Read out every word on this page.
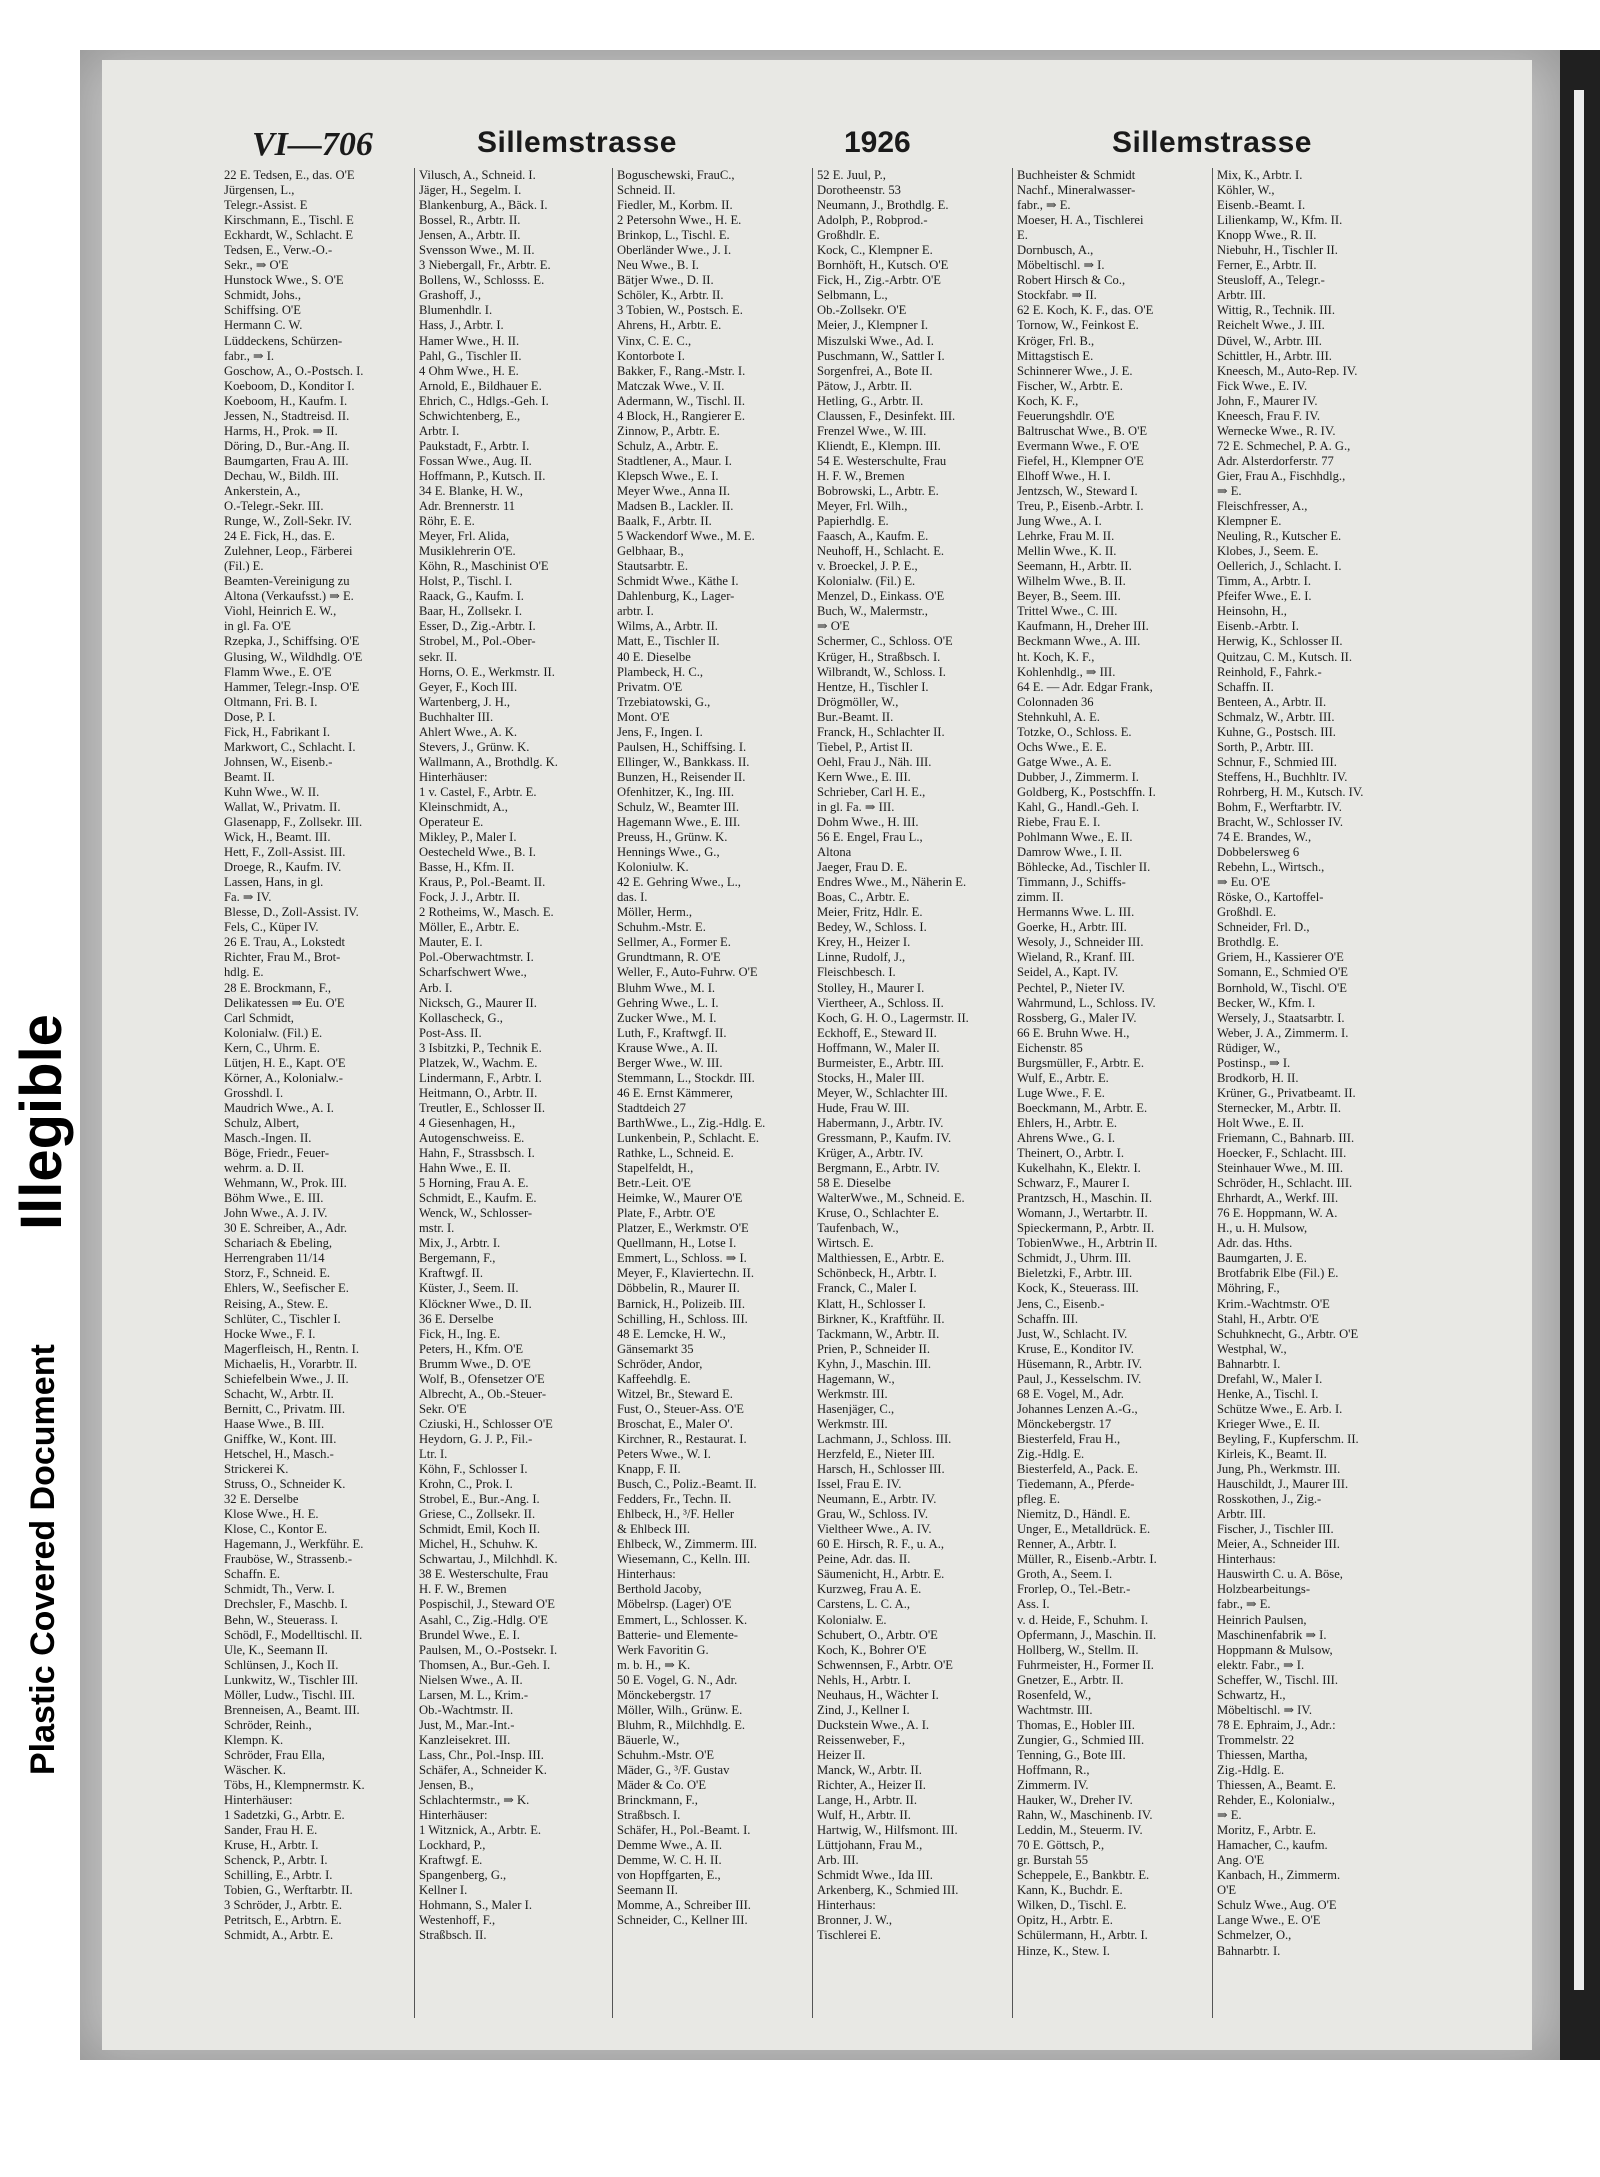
Illegible
Plastic Covered Document
VI—706	Sillemstrasse	1926	Sillemstrasse
22 E. Tedsen, E., das. O'E
Jürgensen, L.,
Telegr.-Assist. E
Kirschmann, E., Tischl. E
Eckhardt, W., Schlacht. E
Tedsen, E., Verw.-O.-
Sekr., ⇒ O'E
Hunstock Wwe., S. O'E
Schmidt, Johs.,
Schiffsing. O'E
Hermann C. W.
Lüddeckens, Schürzen-
fabr., ⇒ I.
Goschow, A., O.-Postsch. I.
Koeboom, D., Konditor I.
Koeboom, H., Kaufm. I.
Jessen, N., Stadtreisd. II.
Harms, H., Prok. ⇒ II.
Döring, D., Bur.-Ang. II.
Baumgarten, Frau A. III.
Dechau, W., Bildh. III.
Ankerstein, A.,
O.-Telegr.-Sekr. III.
Runge, W., Zoll-Sekr. IV.
24 E. Fick, H., das. E.
Zulehner, Leop., Färberei
(Fil.) E.
Beamten-Vereinigung zu
Altona (Verkaufsst.) ⇒ E.
Viohl, Heinrich E. W.,
in gl. Fa. O'E
Rzepka, J., Schiffsing. O'E
Glusing, W., Wildhdlg. O'E
Flamm Wwe., E. O'E
Hammer, Telegr.-Insp. O'E
Oltmann, Fri. B. I.
Dose, P. I.
Fick, H., Fabrikant I.
Markwort, C., Schlacht. I.
Johnsen, W., Eisenb.-
Beamt. II.
Kuhn Wwe., W. II.
Wallat, W., Privatm. II.
Glasenapp, F., Zollsekr. III.
Wick, H., Beamt. III.
Hett, F., Zoll-Assist. III.
Droege, R., Kaufm. IV.
Lassen, Hans, in gl.
Fa. ⇒ IV.
Blesse, D., Zoll-Assist. IV.
Fels, C., Küper IV.
26 E. Trau, A., Lokstedt
Richter, Frau M., Brot-
hdlg. E.
28 E. Brockmann, F.,
Delikatessen ⇒ Eu. O'E
Carl Schmidt,
Kolonialw. (Fil.) E.
Kern, C., Uhrm. E.
Lütjen, H. E., Kapt. O'E
Körner, A., Kolonialw.-
Grosshdl. I.
Maudrich Wwe., A. I.
Schulz, Albert,
Masch.-Ingen. II.
Böge, Friedr., Feuer-
wehrm. a. D. II.
Wehmann, W., Prok. III.
Böhm Wwe., E. III.
John Wwe., A. J. IV.
30 E. Schreiber, A., Adr.
Schariach & Ebeling,
Herrengraben 11/14
Storz, F., Schneid. E.
Ehlers, W., Seefischer E.
Reising, A., Stew. E.
Schlüter, C., Tischler I.
Hocke Wwe., F. I.
Magerfleisch, H., Rentn. I.
Michaelis, H., Vorarbtr. II.
Schiefelbein Wwe., J. II.
Schacht, W., Arbtr. II.
Bernitt, C., Privatm. III.
Haase Wwe., B. III.
Gniffke, W., Kont. III.
Hetschel, H., Masch.-
Strickerei K.
Struss, O., Schneider K.
32 E. Derselbe
Klose Wwe., H. E.
Klose, C., Kontor E.
Hagemann, J., Werkführ. E.
Frauböse, W., Strassenb.-
Schaffn. E.
Schmidt, Th., Verw. I.
Drechsler, F., Maschb. I.
Behn, W., Steuerass. I.
Schödl, F., Modelltischl. II.
Ule, K., Seemann II.
Schlünsen, J., Koch II.
Lunkwitz, W., Tischler III.
Möller, Ludw., Tischl. III.
Brenneisen, A., Beamt. III.
Schröder, Reinh.,
Klempn. K.
Schröder, Frau Ella,
Wäscher. K.
Töbs, H., Klempnermstr. K.
Hinterhäuser:
1 Sadetzki, G., Arbtr. E.
Sander, Frau H. E.
Kruse, H., Arbtr. I.
Schenck, P., Arbtr. I.
Schilling, E., Arbtr. I.
Tobien, G., Werftarbtr. II.
3 Schröder, J., Arbtr. E.
Petritsch, E., Arbtrn. E.
Schmidt, A., Arbtr. E.
Vilusch, A., Schneid. I.
Jäger, H., Segelm. I.
Blankenburg, A., Bäck. I.
Bossel, R., Arbtr. II.
Jensen, A., Arbtr. II.
Svensson Wwe., M. II.
3 Niebergall, Fr., Arbtr. E.
Bollens, W., Schlosss. E.
Grashoff, J.,
Blumenhdlr. I.
Hass, J., Arbtr. I.
Hamer Wwe., H. II.
Pahl, G., Tischler II.
4 Ohm Wwe., H. E.
Arnold, E., Bildhauer E.
Ehrich, C., Hdlgs.-Geh. I.
Schwichtenberg, E.,
Arbtr. I.
Paukstadt, F., Arbtr. I.
Fossan Wwe., Aug. II.
Hoffmann, P., Kutsch. II.
34 E. Blanke, H. W.,
Adr. Brennerstr. 11
Röhr, E. E.
Meyer, Frl. Alida,
Musiklehrerin O'E.
Köhn, R., Maschinist O'E
Holst, P., Tischl. I.
Raack, G., Kaufm. I.
Baar, H., Zollsekr. I.
Esser, D., Zig.-Arbtr. I.
Strobel, M., Pol.-Ober-
sekr. II.
Horns, O. E., Werkmstr. II.
Geyer, F., Koch III.
Wartenberg, J. H.,
Buchhalter III.
Ahlert Wwe., A. K.
Stevers, J., Grünw. K.
Wallmann, A., Brothdlg. K.
Hinterhäuser:
1 v. Castel, F., Arbtr. E.
Kleinschmidt, A.,
Operateur E.
Mikley, P., Maler I.
Oestecheld Wwe., B. I.
Basse, H., Kfm. II.
Kraus, P., Pol.-Beamt. II.
Fock, J. J., Arbtr. II.
2 Rotheims, W., Masch. E.
Möller, E., Arbtr. E.
Mauter, E. I.
Pol.-Oberwachtmstr. I.
Scharfschwert Wwe.,
Arb. I.
Nicksch, G., Maurer II.
Kollascheck, G.,
Post-Ass. II.
3 Isbitzki, P., Technik E.
Platzek, W., Wachm. E.
Lindermann, F., Arbtr. I.
Heitmann, O., Arbtr. II.
Treutler, E., Schlosser II.
4 Giesenhagen, H.,
Autogenschweiss. E.
Hahn, F., Strassbsch. I.
Hahn Wwe., E. II.
5 Horning, Frau A. E.
Schmidt, E., Kaufm. E.
Wenck, W., Schlosser-
mstr. I.
Mix, J., Arbtr. I.
Bergemann, F.,
Kraftwgf. II.
Küster, J., Seem. II.
Klöckner Wwe., D. II.
36 E. Derselbe
Fick, H., Ing. E.
Peters, H., Kfm. O'E
Brumm Wwe., D. O'E
Wolf, B., Ofensetzer O'E
Albrecht, A., Ob.-Steuer-
Sekr. O'E
Cziuski, H., Schlosser O'E
Heydorn, G. J. P., Fil.-
Ltr. I.
Köhn, F., Schlosser I.
Krohn, C., Prok. I.
Strobel, E., Bur.-Ang. I.
Griese, C., Zollsekr. II.
Schmidt, Emil, Koch II.
Michel, H., Schuhw. K.
Schwartau, J., Milchhdl. K.
38 E. Westerschulte, Frau
H. F. W., Bremen
Pospischil, J., Steward O'E
Asahl, C., Zig.-Hdlg. O'E
Brundel Wwe., E. I.
Paulsen, M., O.-Postsekr. I.
Thomsen, A., Bur.-Geh. I.
Nielsen Wwe., A. II.
Larsen, M. L., Krim.-
Ob.-Wachtmstr. II.
Just, M., Mar.-Int.-
Kanzleisekret. III.
Lass, Chr., Pol.-Insp. III.
Schäfer, A., Schneider K.
Jensen, B.,
Schlachtermstr., ⇒ K.
Hinterhäuser:
1 Witznick, A., Arbtr. E.
Lockhard, P.,
Kraftwgf. E.
Spangenberg, G.,
Kellner I.
Hohmann, S., Maler I.
Westenhoff, F.,
Straßbsch. II.
Boguschewski, FrauC.,
Schneid. II.
Fiedler, M., Korbm. II.
2 Petersohn Wwe., H. E.
Brinkop, L., Tischl. E.
Oberländer Wwe., J. I.
Neu Wwe., B. I.
Bätjer Wwe., D. II.
Schöler, K., Arbtr. II.
3 Tobien, W., Postsch. E.
Ahrens, H., Arbtr. E.
Vinx, C. E. C.,
Kontorbote I.
Bakker, F., Rang.-Mstr. I.
Matczak Wwe., V. II.
Adermann, W., Tischl. II.
4 Block, H., Rangierer E.
Zinnow, P., Arbtr. E.
Schulz, A., Arbtr. E.
Stadtlener, A., Maur. I.
Klepsch Wwe., E. I.
Meyer Wwe., Anna II.
Madsen B., Lackler. II.
Baalk, F., Arbtr. II.
5 Wackendorf Wwe., M. E.
Gelbhaar, B.,
Stautsarbtr. E.
Schmidt Wwe., Käthe I.
Dahlenburg, K., Lager-
arbtr. I.
Wilms, A., Arbtr. II.
Matt, E., Tischler II.
40 E. Dieselbe
Plambeck, H. C.,
Privatm. O'E
Trzebiatowski, G.,
Mont. O'E
Jens, F., Ingen. I.
Paulsen, H., Schiffsing. I.
Ellinger, W., Bankkass. II.
Bunzen, H., Reisender II.
Ofenhitzer, K., Ing. III.
Schulz, W., Beamter III.
Hagemann Wwe., E. III.
Preuss, H., Grünw. K.
Hennings Wwe., G.,
Koloniulw. K.
42 E. Gehring Wwe., L.,
das. I.
Möller, Herm.,
Schuhm.-Mstr. E.
Sellmer, A., Former E.
Grundtmann, R. O'E
Weller, F., Auto-Fuhrw. O'E
Bluhm Wwe., M. I.
Gehring Wwe., L. I.
Zucker Wwe., M. I.
Luth, F., Kraftwgf. II.
Krause Wwe., A. II.
Berger Wwe., W. III.
Stemmann, L., Stockdr. III.
46 E. Ernst Kämmerer,
Stadtdeich 27
BarthWwe., L., Zig.-Hdlg. E.
Lunkenbein, P., Schlacht. E.
Rathke, L., Schneid. E.
Stapelfeldt, H.,
Betr.-Leit. O'E
Heimke, W., Maurer O'E
Plate, F., Arbtr. O'E
Platzer, E., Werkmstr. O'E
Quellmann, H., Lotse I.
Emmert, L., Schloss. ⇒ I.
Meyer, F., Klaviertechn. II.
Döbbelin, R., Maurer II.
Barnick, H., Polizeib. III.
Schilling, H., Schloss. III.
48 E. Lemcke, H. W.,
Gänsemarkt 35
Schröder, Andor,
Kaffeehdlg. E.
Witzel, Br., Steward E.
Fust, O., Steuer-Ass. O'E
Broschat, E., Maler O'.
Kirchner, R., Restaurat. I.
Peters Wwe., W. I.
Knapp, F. II.
Busch, C., Poliz.-Beamt. II.
Fedders, Fr., Techn. II.
Ehlbeck, H., ³/F. Heller
& Ehlbeck III.
Ehlbeck, W., Zimmerm. III.
Wiesemann, C., Kelln. III.
Hinterhaus:
Berthold Jacoby,
Möbelrsp. (Lager) O'E
Emmert, L., Schlosser. K.
Batterie- und Elemente-
Werk Favoritin G.
m. b. H., ⇒ K.
50 E. Vogel, G. N., Adr.
Mönckebergstr. 17
Möller, Wilh., Grünw. E.
Bluhm, R., Milchhdlg. E.
Bäuerle, W.,
Schuhm.-Mstr. O'E
Mäder, G., ³/F. Gustav
Mäder & Co. O'E
Brinckmann, F.,
Straßbsch. I.
Schäfer, H., Pol.-Beamt. I.
Demme Wwe., A. II.
Demme, W. C. H. II.
von Hopffgarten, E.,
Seemann II.
Momme, A., Schreiber III.
Schneider, C., Kellner III.
52 E. Juul, P.,
Dorotheenstr. 53
Neumann, J., Brothdlg. E.
Adolph, P., Robprod.-
Großhdlr. E.
Kock, C., Klempner E.
Bornhöft, H., Kutsch. O'E
Fick, H., Zig.-Arbtr. O'E
Selbmann, L.,
Ob.-Zollsekr. O'E
Meier, J., Klempner I.
Miszulski Wwe., Ad. I.
Puschmann, W., Sattler I.
Sorgenfrei, A., Bote II.
Pätow, J., Arbtr. II.
Hetling, G., Arbtr. II.
Claussen, F., Desinfekt. III.
Frenzel Wwe., W. III.
Kliendt, E., Klempn. III.
54 E. Westerschulte, Frau
H. F. W., Bremen
Bobrowski, L., Arbtr. E.
Meyer, Frl. Wilh.,
Papierhdlg. E.
Faasch, A., Kaufm. E.
Neuhoff, H., Schlacht. E.
v. Broeckel, J. P. E.,
Kolonialw. (Fil.) E.
Menzel, D., Einkass. O'E
Buch, W., Malermstr.,
⇒ O'E
Schermer, C., Schloss. O'E
Krüger, H., Straßbsch. I.
Wilbrandt, W., Schloss. I.
Hentze, H., Tischler I.
Drögmöller, W.,
Bur.-Beamt. II.
Franck, H., Schlachter II.
Tiebel, P., Artist II.
Oehl, Frau J., Näh. III.
Kern Wwe., E. III.
Schrieber, Carl H. E.,
in gl. Fa. ⇒ III.
Dohm Wwe., H. III.
56 E. Engel, Frau L.,
Altona
Jaeger, Frau D. E.
Endres Wwe., M., Näherin E.
Boas, C., Arbtr. E.
Meier, Fritz, Hdlr. E.
Bedey, W., Schloss. I.
Krey, H., Heizer I.
Linne, Rudolf, J.,
Fleischbesch. I.
Stolley, H., Maurer I.
Viertheer, A., Schloss. II.
Koch, G. H. O., Lagermstr. II.
Eckhoff, E., Steward II.
Hoffmann, W., Maler II.
Burmeister, E., Arbtr. III.
Stocks, H., Maler III.
Meyer, W., Schlachter III.
Hude, Frau W. III.
Habermann, J., Arbtr. IV.
Gressmann, P., Kaufm. IV.
Krüger, A., Arbtr. IV.
Bergmann, E., Arbtr. IV.
58 E. Dieselbe
WalterWwe., M., Schneid. E.
Kruse, O., Schlachter E.
Taufenbach, W.,
Wirtsch. E.
Malthiessen, E., Arbtr. E.
Schönbeck, H., Arbtr. I.
Franck, C., Maler I.
Klatt, H., Schlosser I.
Birkner, K., Kraftführ. II.
Tackmann, W., Arbtr. II.
Prien, P., Schneider II.
Kyhn, J., Maschin. III.
Hagemann, W.,
Werkmstr. III.
Hasenjäger, C.,
Werkmstr. III.
Lachmann, J., Schloss. III.
Herzfeld, E., Nieter III.
Harsch, H., Schlosser III.
Issel, Frau E. IV.
Neumann, E., Arbtr. IV.
Grau, W., Schloss. IV.
Vieltheer Wwe., A. IV.
60 E. Hirsch, R. F., u. A.,
Peine, Adr. das. II.
Säumenicht, H., Arbtr. E.
Kurzweg, Frau A. E.
Carstens, L. C. A.,
Kolonialw. E.
Schubert, O., Arbtr. O'E
Koch, K., Bohrer O'E
Schwennsen, F., Arbtr. O'E
Nehls, H., Arbtr. I.
Neuhaus, H., Wächter I.
Zind, J., Kellner I.
Duckstein Wwe., A. I.
Reissenweber, F.,
Heizer II.
Manck, W., Arbtr. II.
Richter, A., Heizer II.
Lange, H., Arbtr. II.
Wulf, H., Arbtr. II.
Hartwig, W., Hilfsmont. III.
Lüttjohann, Frau M.,
Arb. III.
Schmidt Wwe., Ida III.
Arkenberg, K., Schmied III.
Hinterhaus:
Bronner, J. W.,
Tischlerei E.
Buchheister & Schmidt
Nachf., Mineralwasser-
fabr., ⇒ E.
Moeser, H. A., Tischlerei
E.
Dornbusch, A.,
Möbeltischl. ⇒ I.
Robert Hirsch & Co.,
Stockfabr. ⇒ II.
62 E. Koch, K. F., das. O'E
Tornow, W., Feinkost E.
Kröger, Frl. B.,
Mittagstisch E.
Schinnerer Wwe., J. E.
Fischer, W., Arbtr. E.
Koch, K. F.,
Feuerungshdlr. O'E
Baltruschat Wwe., B. O'E
Evermann Wwe., F. O'E
Fiefel, H., Klempner O'E
Elhoff Wwe., H. I.
Jentzsch, W., Steward I.
Treu, P., Eisenb.-Arbtr. I.
Jung Wwe., A. I.
Lehrke, Frau M. II.
Mellin Wwe., K. II.
Seemann, H., Arbtr. II.
Wilhelm Wwe., B. II.
Beyer, B., Seem. III.
Trittel Wwe., C. III.
Kaufmann, H., Dreher III.
Beckmann Wwe., A. III.
ht. Koch, K. F.,
Kohlenhdlg., ⇒ III.
64 E. — Adr. Edgar Frank,
Colonnaden 36
Stehnkuhl, A. E.
Totzke, O., Schloss. E.
Ochs Wwe., E. E.
Gatge Wwe., A. E.
Dubber, J., Zimmerm. I.
Goldberg, K., Postschffn. I.
Kahl, G., Handl.-Geh. I.
Riebe, Frau E. I.
Pohlmann Wwe., E. II.
Damrow Wwe., I. II.
Böhlecke, Ad., Tischler II.
Timmann, J., Schiffs-
zimm. II.
Hermanns Wwe. L. III.
Goerke, H., Arbtr. III.
Wesoly, J., Schneider III.
Wieland, R., Kranf. III.
Seidel, A., Kapt. IV.
Pechtel, P., Nieter IV.
Wahrmund, L., Schloss. IV.
Rossberg, G., Maler IV.
66 E. Bruhn Wwe. H.,
Eichenstr. 85
Burgsmüller, F., Arbtr. E.
Wulf, E., Arbtr. E.
Luge Wwe., F. E.
Boeckmann, M., Arbtr. E.
Ehlers, H., Arbtr. E.
Ahrens Wwe., G. I.
Theinert, O., Arbtr. I.
Kukelhahn, K., Elektr. I.
Schwarz, F., Maurer I.
Prantzsch, H., Maschin. II.
Womann, J., Wertarbtr. II.
Spieckermann, P., Arbtr. II.
TobienWwe., H., Arbtrin II.
Schmidt, J., Uhrm. III.
Bieletzki, F., Arbtr. III.
Kock, K., Steuerass. III.
Jens, C., Eisenb.-
Schaffn. III.
Just, W., Schlacht. IV.
Kruse, E., Konditor IV.
Hüsemann, R., Arbtr. IV.
Paul, J., Kesselschm. IV.
68 E. Vogel, M., Adr.
Johannes Lenzen A.-G.,
Mönckebergstr. 17
Biesterfeld, Frau H.,
Zig.-Hdlg. E.
Biesterfeld, A., Pack. E.
Tiedemann, A., Pferde-
pfleg. E.
Niemitz, D., Händl. E.
Unger, E., Metalldrück. E.
Renner, A., Arbtr. I.
Müller, R., Eisenb.-Arbtr. I.
Groth, A., Seem. I.
Frorlep, O., Tel.-Betr.-
Ass. I.
v. d. Heide, F., Schuhm. I.
Opfermann, J., Maschin. II.
Hollberg, W., Stellm. II.
Fuhrmeister, H., Former II.
Gnetzer, E., Arbtr. II.
Rosenfeld, W.,
Wachtmstr. III.
Thomas, E., Hobler III.
Zungier, G., Schmied III.
Tenning, G., Bote III.
Hoffmann, R.,
Zimmerm. IV.
Hauker, W., Dreher IV.
Rahn, W., Maschinenb. IV.
Leddin, M., Steuerm. IV.
70 E. Göttsch, P.,
gr. Burstah 55
Scheppele, E., Bankbtr. E.
Kann, K., Buchdr. E.
Wilken, D., Tischl. E.
Opitz, H., Arbtr. E.
Schülermann, H., Arbtr. I.
Hinze, K., Stew. I.
Mix, K., Arbtr. I.
Köhler, W.,
Eisenb.-Beamt. I.
Lilienkamp, W., Kfm. II.
Knopp Wwe., R. II.
Niebuhr, H., Tischler II.
Ferner, E., Arbtr. II.
Steusloff, A., Telegr.-
Arbtr. III.
Wittig, R., Technik. III.
Reichelt Wwe., J. III.
Düvel, W., Arbtr. III.
Schittler, H., Arbtr. III.
Kneesch, M., Auto-Rep. IV.
Fick Wwe., E. IV.
John, F., Maurer IV.
Kneesch, Frau F. IV.
Wernecke Wwe., R. IV.
72 E. Schmechel, P. A. G.,
Adr. Alsterdorferstr. 77
Gier, Frau A., Fischhdlg.,
⇒ E.
Fleischfresser, A.,
Klempner E.
Neuling, R., Kutscher E.
Klobes, J., Seem. E.
Oellerich, J., Schlacht. I.
Timm, A., Arbtr. I.
Pfeifer Wwe., E. I.
Heinsohn, H.,
Eisenb.-Arbtr. I.
Herwig, K., Schlosser II.
Quitzau, C. M., Kutsch. II.
Reinhold, F., Fahrk.-
Schaffn. II.
Benteen, A., Arbtr. II.
Schmalz, W., Arbtr. III.
Kuhne, G., Postsch. III.
Sorth, P., Arbtr. III.
Schnur, F., Schmied III.
Steffens, H., Buchhltr. IV.
Rohrberg, H. M., Kutsch. IV.
Bohm, F., Werftarbtr. IV.
Bracht, W., Schlosser IV.
74 E. Brandes, W.,
Dobbelersweg 6
Rebehn, L., Wirtsch.,
⇒ Eu. O'E
Röske, O., Kartoffel-
Großhdl. E.
Schneider, Frl. D.,
Brothdlg. E.
Griem, H., Kassierer O'E
Somann, E., Schmied O'E
Bornhold, W., Tischl. O'E
Becker, W., Kfm. I.
Wersely, J., Staatsarbtr. I.
Weber, J. A., Zimmerm. I.
Rüdiger, W.,
Postinsp., ⇒ I.
Brodkorb, H. II.
Krüner, G., Privatbeamt. II.
Sternecker, M., Arbtr. II.
Holt Wwe., E. II.
Friemann, C., Bahnarb. III.
Hoecker, F., Schlacht. III.
Steinhauer Wwe., M. III.
Schröder, H., Schlacht. III.
Ehrhardt, A., Werkf. III.
76 E. Hoppmann, W. A.
H., u. H. Mulsow,
Adr. das. Hths.
Baumgarten, J. E.
Brotfabrik Elbe (Fil.) E.
Möhring, F.,
Krim.-Wachtmstr. O'E
Stahl, H., Arbtr. O'E
Schuhknecht, G., Arbtr. O'E
Westphal, W.,
Bahnarbtr. I.
Drefahl, W., Maler I.
Henke, A., Tischl. I.
Schütze Wwe., E. Arb. I.
Krieger Wwe., E. II.
Beyling, F., Kupferschm. II.
Kirleis, K., Beamt. II.
Jung, Ph., Werkmstr. III.
Hauschildt, J., Maurer III.
Rosskothen, J., Zig.-
Arbtr. III.
Fischer, J., Tischler III.
Meier, A., Schneider III.
Hinterhaus:
Hauswirth C. u. A. Böse,
Holzbearbeitungs-
fabr., ⇒ E.
Heinrich Paulsen,
Maschinenfabrik ⇒ I.
Hoppmann & Mulsow,
elektr. Fabr., ⇒ I.
Scheffer, W., Tischl. III.
Schwartz, H.,
Möbeltischl. ⇒ IV.
78 E. Ephraim, J., Adr.:
Trommelstr. 22
Thiessen, Martha,
Zig.-Hdlg. E.
Thiessen, A., Beamt. E.
Rehder, E., Kolonialw.,
⇒ E.
Moritz, F., Arbtr. E.
Hamacher, C., kaufm.
Ang. O'E
Kanbach, H., Zimmerm.
O'E
Schulz Wwe., Aug. O'E
Lange Wwe., E. O'E
Schmelzer, O.,
Bahnarbtr. I.
